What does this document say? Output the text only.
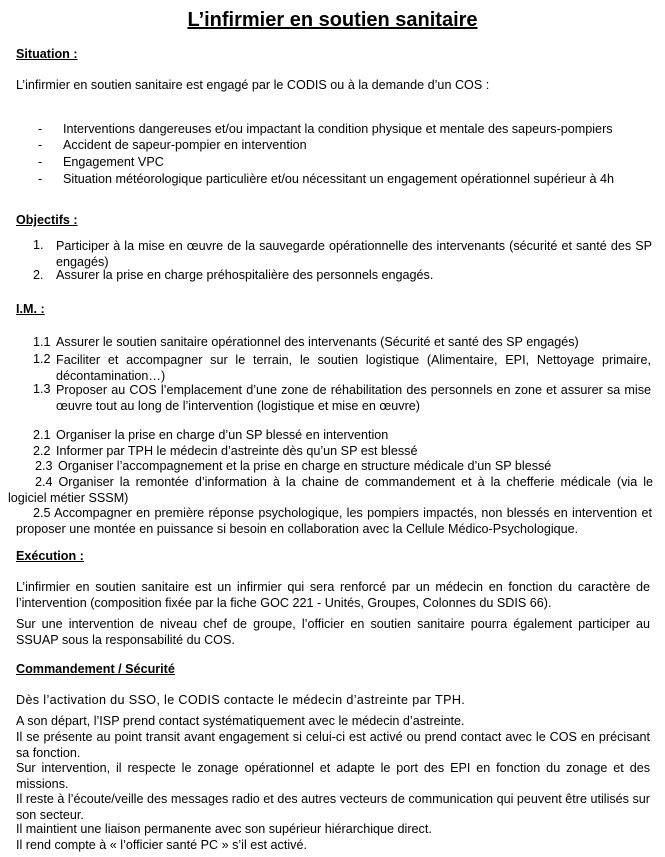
L’infirmier en soutien sanitaire
Situation :
L’infirmier en soutien sanitaire est engagé par le CODIS ou à la demande d’un COS :
- Interventions dangereuses et/ou impactant la condition physique et mentale des sapeurs-pompiers
- Accident de sapeur-pompier en intervention
- Engagement VPC
- Situation météorologique particulière et/ou nécessitant un engagement opérationnel supérieur à 4h
Objectifs :
1. Participer à la mise en œuvre de la sauvegarde opérationnelle des intervenants (sécurité et santé des SP engagés)
2. Assurer la prise en charge préhospitalière des personnels engagés.
I.M. :
1.1 Assurer le soutien sanitaire opérationnel des intervenants (Sécurité et santé des SP engagés)
1.2 Faciliter et accompagner sur le terrain, le soutien logistique (Alimentaire, EPI, Nettoyage primaire, décontamination…)
1.3 Proposer au COS l’emplacement d’une zone de réhabilitation des personnels en zone et assurer sa mise œuvre tout au long de l’intervention (logistique et mise en œuvre)
2.1 Organiser la prise en charge d’un SP blessé en intervention
2.2 Informer par TPH le médecin d’astreinte dès qu’un SP est blessé
2.3 Organiser l’accompagnement et la prise en charge en structure médicale d’un SP blessé
2.4 Organiser la remontée d’information à la chaine de commandement et à la chefferie médicale (via le logiciel métier SSSM)
2.5 Accompagner en première réponse psychologique, les pompiers impactés, non blessés en intervention et proposer une montée en puissance si besoin en collaboration avec la Cellule Médico-Psychologique.
Exécution :
L’infirmier en soutien sanitaire est un infirmier qui sera renforcé par un médecin en fonction du caractère de l’intervention (composition fixée par la fiche GOC 221 - Unités, Groupes, Colonnes du SDIS 66).
Sur une intervention de niveau chef de groupe, l’officier en soutien sanitaire pourra également participer au SSUAP sous la responsabilité du COS.
Commandement / Sécurité
Dès l’activation du SSO, le CODIS contacte le médecin d’astreinte par TPH.
A son départ, l’ISP prend contact systématiquement avec le médecin d’astreinte.
Il se présente au point transit avant engagement si celui-ci est activé ou prend contact avec le COS en précisant sa fonction.
Sur intervention, il respecte le zonage opérationnel et adapte le port des EPI en fonction du zonage et des missions.
Il reste à l’écoute/veille des messages radio et des autres vecteurs de communication qui peuvent être utilisés sur son secteur.
Il maintient une liaison permanente avec son supérieur hiérarchique direct.
Il rend compte à « l’officier santé PC » s’il est activé.
